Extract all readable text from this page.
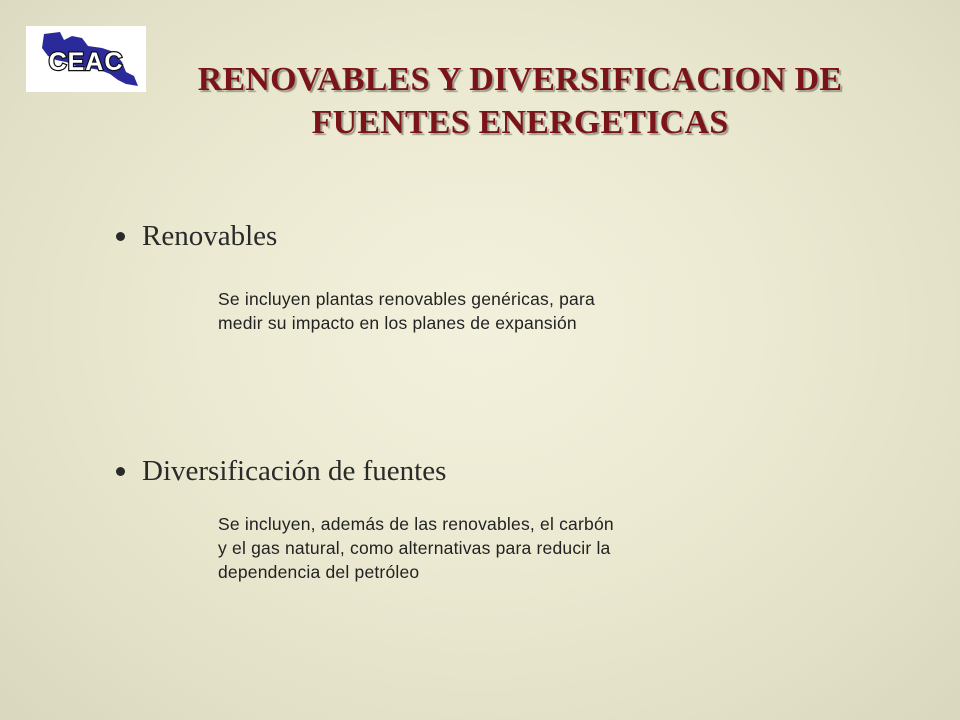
CEAC	RENOVABLES Y DIVERSIFICACION DE
FUENTES ENERGETICAS
Renovables
Se incluyen plantas renovables genéricas, para
medir su impacto en los planes de expansión
Diversificación de fuentes
Se incluyen, además de las renovables, el carbón
y el gas natural, como alternativas para reducir la
dependencia del petróleo
